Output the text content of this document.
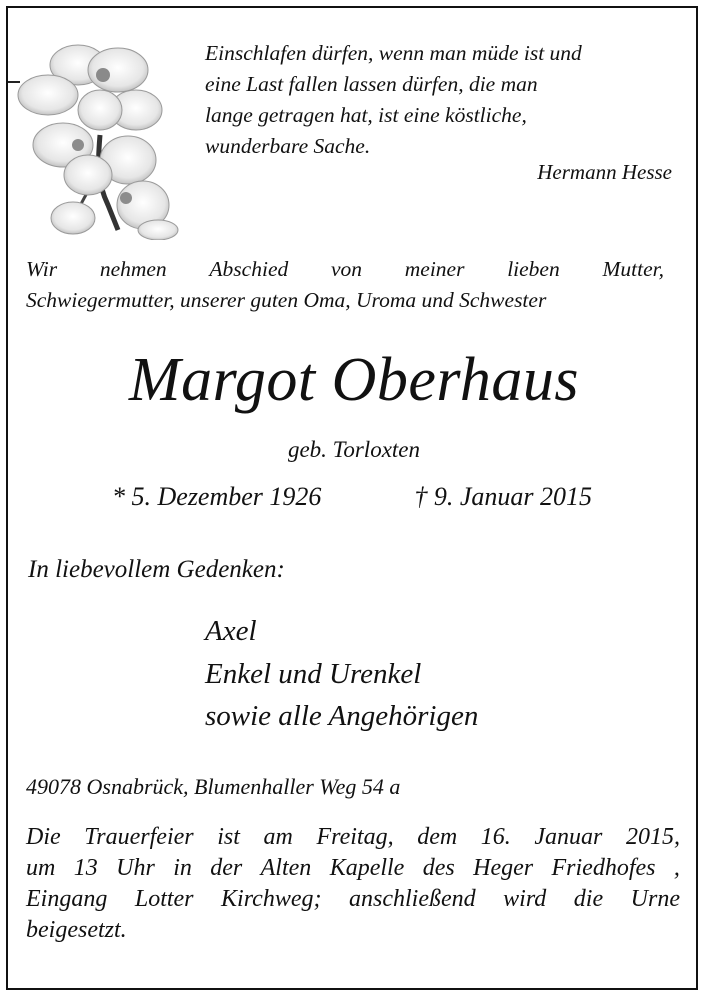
Einschlafen dürfen, wenn man müde ist und

eine Last fallen lassen dürfen, die man

lange getragen hat, ist eine köstliche,

wunderbare Sache.

Hermann Hesse
Wir nehmen Abschied von meiner lieben Mutter,
Schwiegermutter, unserer guten Oma, Uroma und Schwester
Margot Oberhaus
geb. Torloxten
* 5. Dezember 1926	† 9. Januar 2015
In liebevollem Gedenken:
Axel
Enkel und Urenkel
sowie alle Angehörigen
49078 Osnabrück, Blumenhaller Weg 54 a
Die Trauerfeier ist am Freitag, dem 16. Januar 2015,
um 13 Uhr in der Alten Kapelle des Heger Friedhofes ,
Eingang Lotter Kirchweg; anschließend wird die Urne
beigesetzt.
